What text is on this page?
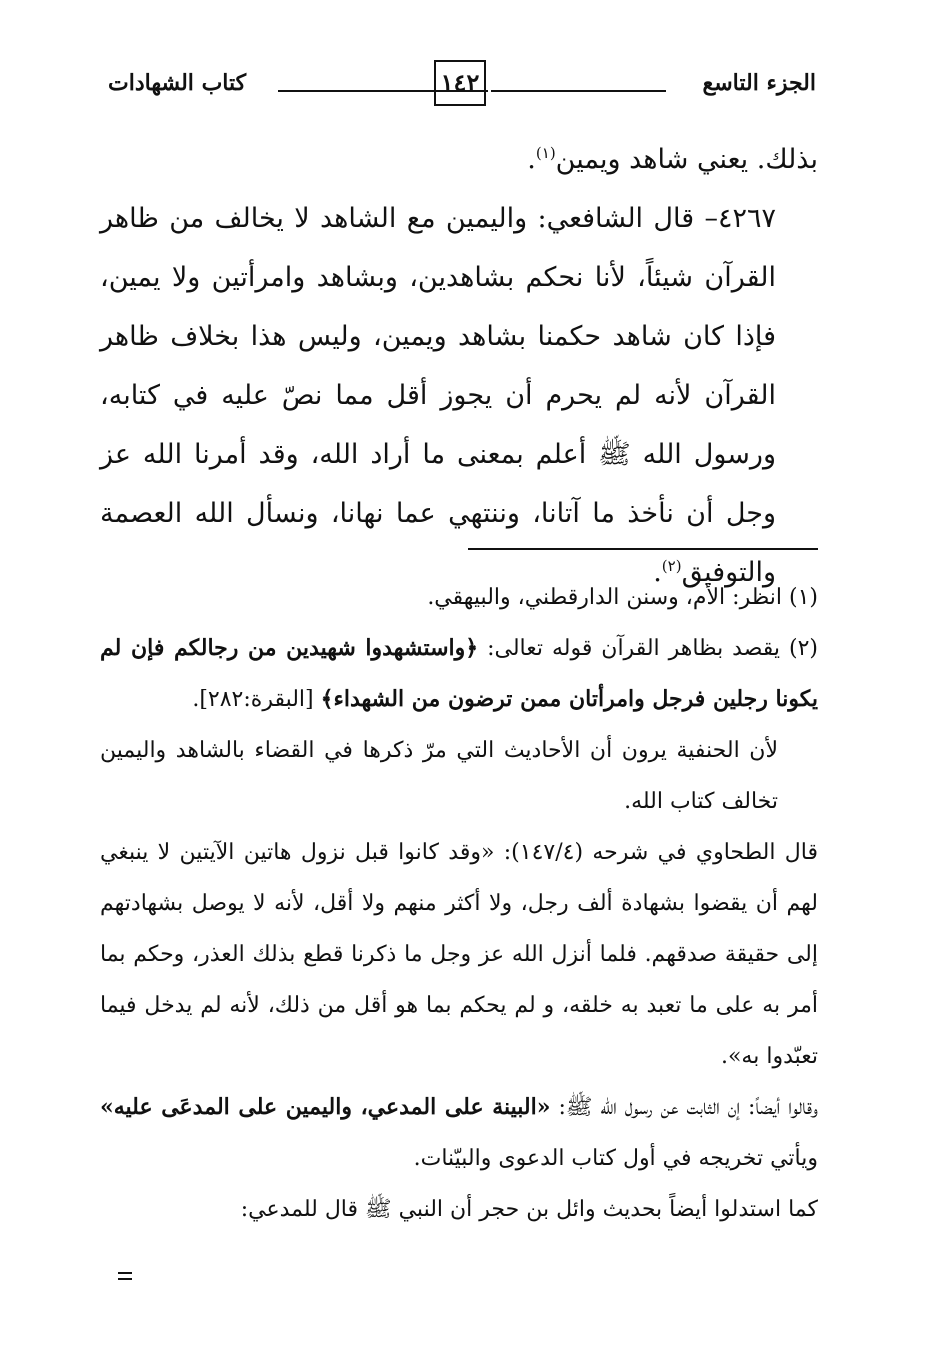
الجزء التاسع
١٤٢
كتاب الشهادات

بذلك. يعني شاهد ويمين$^{(١)}$.

٤٢٦٧– قال الشافعي: واليمين مع الشاهد لا يخالف من ظاهر القرآن شيئاً، لأنا نحكم بشاهدين، وبشاهد وامرأتين ولا يمين، فإذا كان شاهد حكمنا بشاهد ويمين، وليس هذا بخلاف ظاهر القرآن لأنه لم يحرم أن يجوز أقل مما نصّ عليه في كتابه، ورسول الله ﷺ أعلم بمعنى ما أراد الله، وقد أمرنا الله عز وجل أن نأخذ ما آتانا، وننتهي عما نهانا، ونسأل الله العصمة والتوفيق$^{(٢)}$.

(١) انظر: الأم، وسنن الدارقطني، والبيهقي.

(٢) يقصد بظاهر القرآن قوله تعالى: ﴿واستشهدوا شهيدين من رجالكم فإن لم يكونا رجلين فرجل وامرأتان ممن ترضون من الشهداء﴾ [البقرة:٢٨٢].

لأن الحنفية يرون أن الأحاديث التي مرّ ذكرها في القضاء بالشاهد واليمين تخالف كتاب الله.

قال الطحاوي في شرحه (١٤٧/٤): «وقد كانوا قبل نزول هاتين الآيتين لا ينبغي لهم أن يقضوا بشهادة ألف رجل، ولا أكثر منهم ولا أقل، لأنه لا يوصل بشهادتهم إلى حقيقة صدقهم. فلما أنزل الله عز وجل ما ذكرنا قطع بذلك العذر، وحكم بما أمر به على ما تعبد به خلقه، و لم يحكم بما هو أقل من ذلك، لأنه لم يدخل فيما تعبّدوا به».

وقالوا أيضاً: إن الثابت عن رسول الله ﷺ: «البينة على المدعي، واليمين على المدعَى عليه» ويأتي تخريجه في أول كتاب الدعوى والبيّنات.

كما استدلوا أيضاً بحديث وائل بن حجر أن النبي ﷺ قال للمدعي:
